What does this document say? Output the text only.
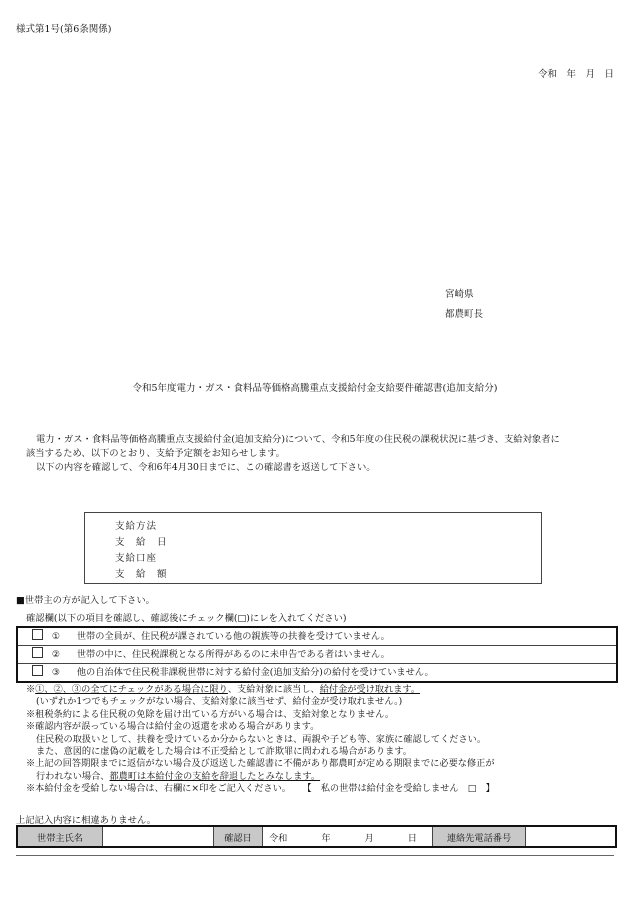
様式第1号(第6条関係)
令和　年　月　日
宮崎県
都農町長
令和5年度電力・ガス・食料品等価格高騰重点支援給付金支給要件確認書(追加支給分)

電力・ガス・食料品等価格高騰重点支援給付金(追加支給分)について、令和5年度の住民税の課税状況に基づき、支給対象者に

該当するため、以下のとおり、支給予定額をお知らせします。

以下の内容を確認して、令和6年4月30日までに、この確認書を返送して下さい。

支給方法
支　給　日
支給口座
支　給　額
■世帯主の方が記入して下さい。
確認欄(以下の項目を確認し、確認後にチェック欄(□)にレを入れてください)
① 世帯の全員が、住民税が課されている他の親族等の扶養を受けていません。
② 世帯の中に、住民税課税となる所得があるのに未申告である者はいません。
③ 他の自治体で住民税非課税世帯に対する給付金(追加支給分)の給付を受けていません。
※①、②、③の全てにチェックがある場合に限り、支給対象に該当し、給付金が受け取れます。
(いずれか1つでもチェックがない場合、支給対象に該当せず、給付金が受け取れません。)
※租税条約による住民税の免除を届け出ている方がいる場合は、支給対象となりません。
※確認内容が誤っている場合は給付金の返還を求める場合があります。
住民税の取扱いとして、扶養を受けているか分からないときは、両親や子ども等、家族に確認してください。
また、意図的に虚偽の記載をした場合は不正受給として詐欺罪に問われる場合があります。
※上記の回答期限までに返信がない場合及び返送した確認書に不備があり都農町が定める期限までに必要な修正が
行われない場合、都農町は本給付金の支給を辞退したとみなします。
※本給付金を受給しない場合は、右欄に×印をご記入ください。 【　私の世帯は給付金を受給しません　□　】
上記記入内容に相違ありません。
世帯主氏名	確認日	令和	年	月	日	連絡先電話番号
